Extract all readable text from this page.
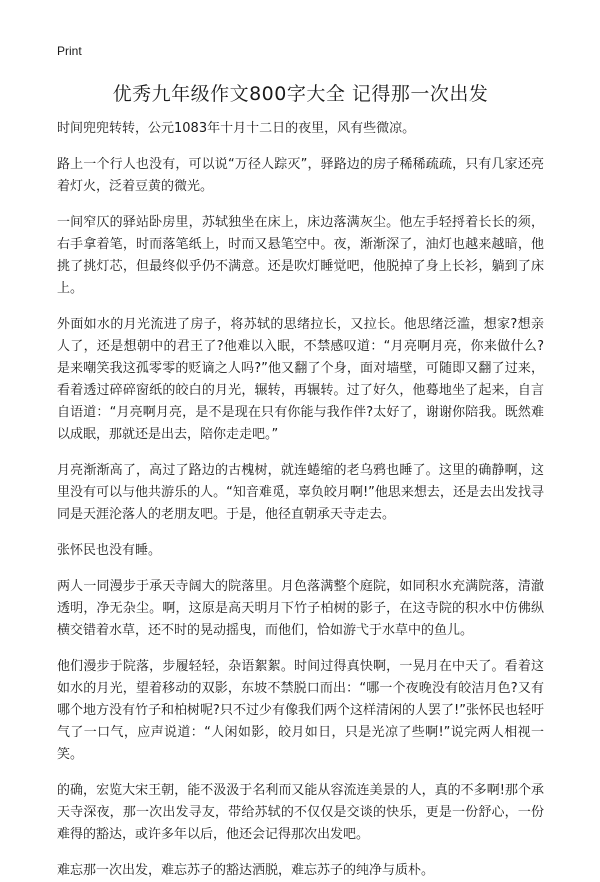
Print
优秀九年级作文800字大全 记得那一次出发

时间兜兜转转，公元1083年十月十二日的夜里，风有些微凉。

路上一个行人也没有，可以说“万径人踪灭”，驿路边的房子稀稀疏疏，只有几家还亮着灯火，泛着豆黄的微光。

一间窄仄的驿站卧房里，苏轼独坐在床上，床边落满灰尘。他左手轻捋着长长的须，右手拿着笔，时而落笔纸上，时而又悬笔空中。夜，渐渐深了，油灯也越来越暗，他挑了挑灯芯，但最终似乎仍不满意。还是吹灯睡觉吧，他脱掉了身上长衫，躺到了床上。

外面如水的月光流进了房子，将苏轼的思绪拉长，又拉长。他思绪泛滥，想家?想亲人了，还是想朝中的君王了?他难以入眠，不禁感叹道：“月亮啊月亮，你来做什么?是来嘲笑我这孤零零的贬谪之人吗?”他又翻了个身，面对墙壁，可随即又翻了过来，看着透过碎碎窗纸的皎白的月光，辗转，再辗转。过了好久，他蓦地坐了起来，自言自语道：“月亮啊月亮，是不是现在只有你能与我作伴?太好了，谢谢你陪我。既然难以成眠，那就还是出去，陪你走走吧。”

月亮渐渐高了，高过了路边的古槐树，就连蜷缩的老乌鸦也睡了。这里的确静啊，这里没有可以与他共游乐的人。“知音难觅，辜负皎月啊!”他思来想去，还是去出发找寻同是天涯沦落人的老朋友吧。于是，他径直朝承天寺走去。

张怀民也没有睡。

两人一同漫步于承天寺阔大的院落里。月色落满整个庭院，如同积水充满院落，清澈透明，净无杂尘。啊，这原是高天明月下竹子柏树的影子，在这寺院的积水中仿佛纵横交错着水草，还不时的晃动摇曳，而他们，恰如游弋于水草中的鱼儿。

他们漫步于院落，步履轻轻，杂语絮絮。时间过得真快啊，一晃月在中天了。看着这如水的月光，望着移动的双影，东坡不禁脱口而出：“哪一个夜晚没有皎洁月色?又有哪个地方没有竹子和柏树呢?只不过少有像我们两个这样清闲的人罢了!”张怀民也轻吁气了一口气，应声说道：“人闲如影，皎月如日，只是光凉了些啊!”说完两人相视一笑。

的确，宏览大宋王朝，能不汲汲于名利而又能从容流连美景的人，真的不多啊!那个承天寺深夜，那一次出发寻友，带给苏轼的不仅仅是交谈的快乐，更是一份舒心，一份难得的豁达，或许多年以后，他还会记得那次出发吧。

难忘那一次出发，难忘苏子的豁达洒脱，难忘苏子的纯净与质朴。
